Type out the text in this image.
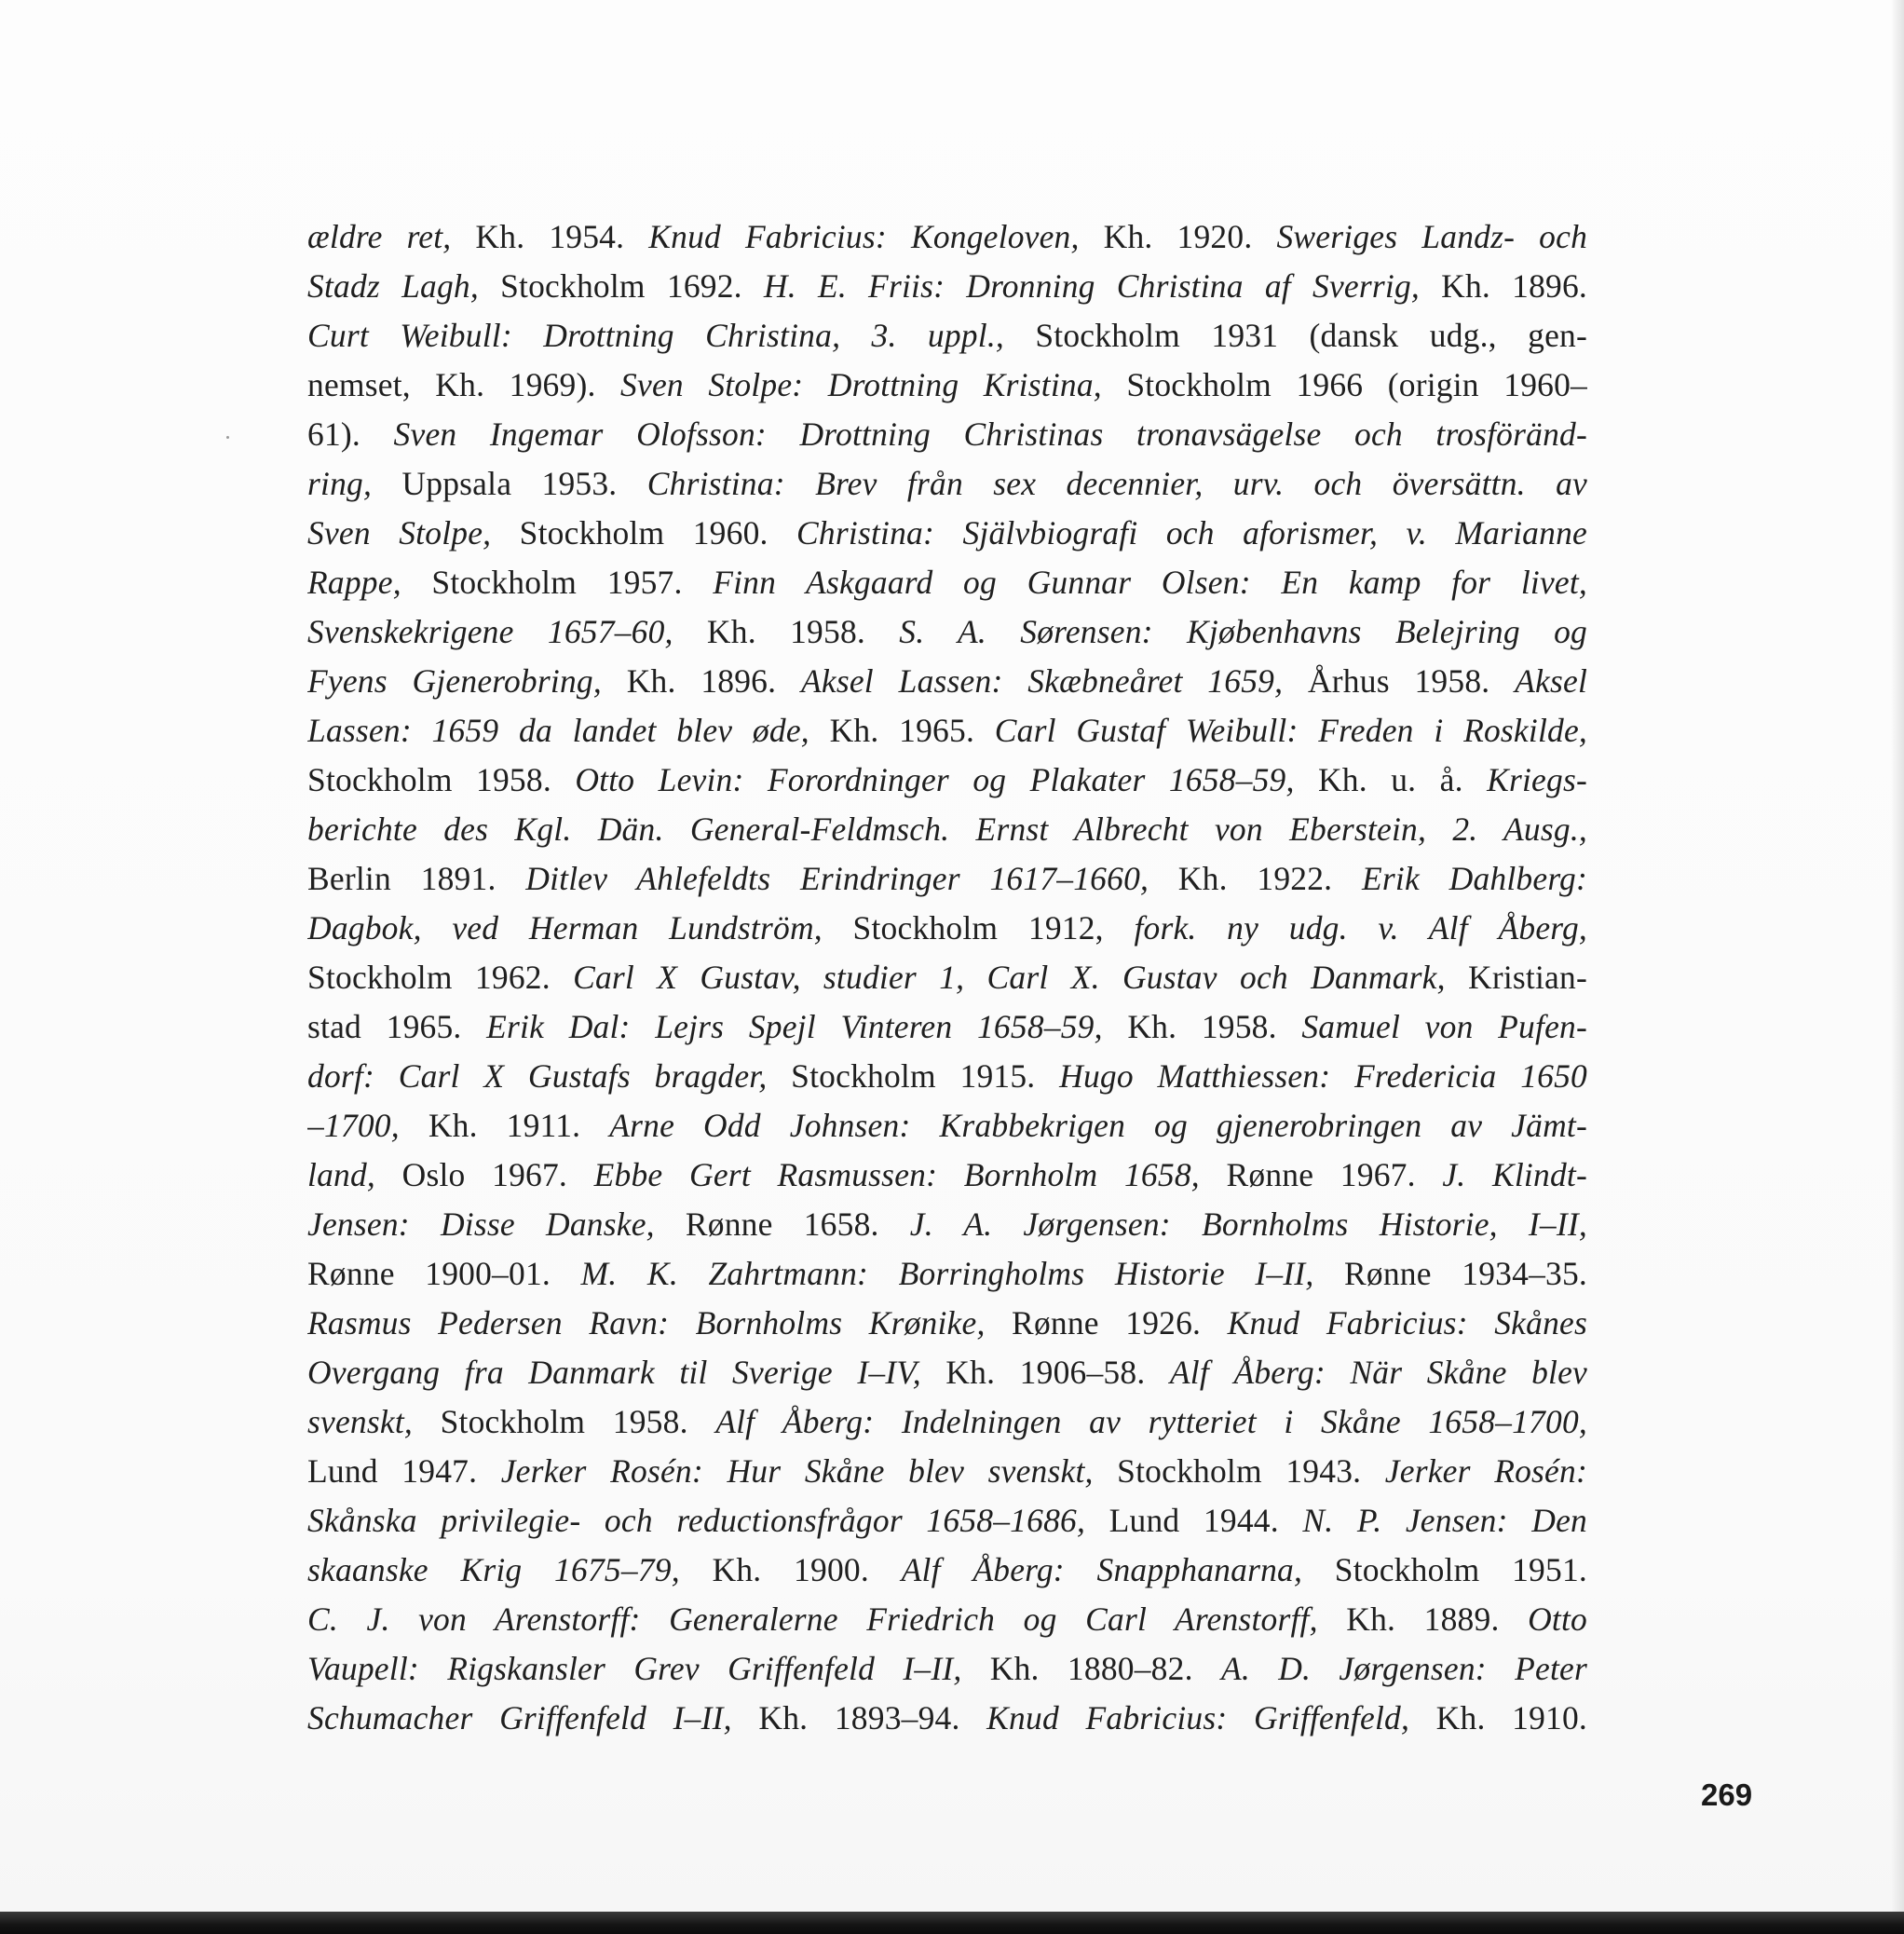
ældre ret, Kh. 1954. Knud Fabricius: Kongeloven, Kh. 1920. Sweriges Landz- och
Stadz Lagh, Stockholm 1692. H. E. Friis: Dronning Christina af Sverrig, Kh. 1896.
Curt Weibull: Drottning Christina, 3. uppl., Stockholm 1931 (dansk udg., gen-
nemset, Kh. 1969). Sven Stolpe: Drottning Kristina, Stockholm 1966 (origin 1960–
61). Sven Ingemar Olofsson: Drottning Christinas tronavsägelse och trosföränd-
ring, Uppsala 1953. Christina: Brev från sex decennier, urv. och översättn. av
Sven Stolpe, Stockholm 1960. Christina: Självbiografi och aforismer, v. Marianne
Rappe, Stockholm 1957. Finn Askgaard og Gunnar Olsen: En kamp for livet,
Svenskekrigene 1657–60, Kh. 1958. S. A. Sørensen: Kjøbenhavns Belejring og
Fyens Gjenerobring, Kh. 1896. Aksel Lassen: Skæbneåret 1659, Århus 1958. Aksel
Lassen: 1659 da landet blev øde, Kh. 1965. Carl Gustaf Weibull: Freden i Roskilde,
Stockholm 1958. Otto Levin: Forordninger og Plakater 1658–59, Kh. u. å. Kriegs-
berichte des Kgl. Dän. General-Feldmsch. Ernst Albrecht von Eberstein, 2. Ausg.,
Berlin 1891. Ditlev Ahlefeldts Erindringer 1617–1660, Kh. 1922. Erik Dahlberg:
Dagbok, ved Herman Lundström, Stockholm 1912, fork. ny udg. v. Alf Åberg,
Stockholm 1962. Carl X Gustav, studier 1, Carl X. Gustav och Danmark, Kristian-
stad 1965. Erik Dal: Lejrs Spejl Vinteren 1658–59, Kh. 1958. Samuel von Pufen-
dorf: Carl X Gustafs bragder, Stockholm 1915. Hugo Matthiessen: Fredericia 1650
–1700, Kh. 1911. Arne Odd Johnsen: Krabbekrigen og gjenerobringen av Jämt-
land, Oslo 1967. Ebbe Gert Rasmussen: Bornholm 1658, Rønne 1967. J. Klindt-
Jensen: Disse Danske, Rønne 1658. J. A. Jørgensen: Bornholms Historie, I–II,
Rønne 1900–01. M. K. Zahrtmann: Borringholms Historie I–II, Rønne 1934–35.
Rasmus Pedersen Ravn: Bornholms Krønike, Rønne 1926. Knud Fabricius: Skånes
Overgang fra Danmark til Sverige I–IV, Kh. 1906–58. Alf Åberg: När Skåne blev
svenskt, Stockholm 1958. Alf Åberg: Indelningen av rytteriet i Skåne 1658–1700,
Lund 1947. Jerker Rosén: Hur Skåne blev svenskt, Stockholm 1943. Jerker Rosén:
Skånska privilegie- och reductionsfrågor 1658–1686, Lund 1944. N. P. Jensen: Den
skaanske Krig 1675–79, Kh. 1900. Alf Åberg: Snapphanarna, Stockholm 1951.
C. J. von Arenstorff: Generalerne Friedrich og Carl Arenstorff, Kh. 1889. Otto
Vaupell: Rigskansler Grev Griffenfeld I–II, Kh. 1880–82. A. D. Jørgensen: Peter
Schumacher Griffenfeld I–II, Kh. 1893–94. Knud Fabricius: Griffenfeld, Kh. 1910.
269
